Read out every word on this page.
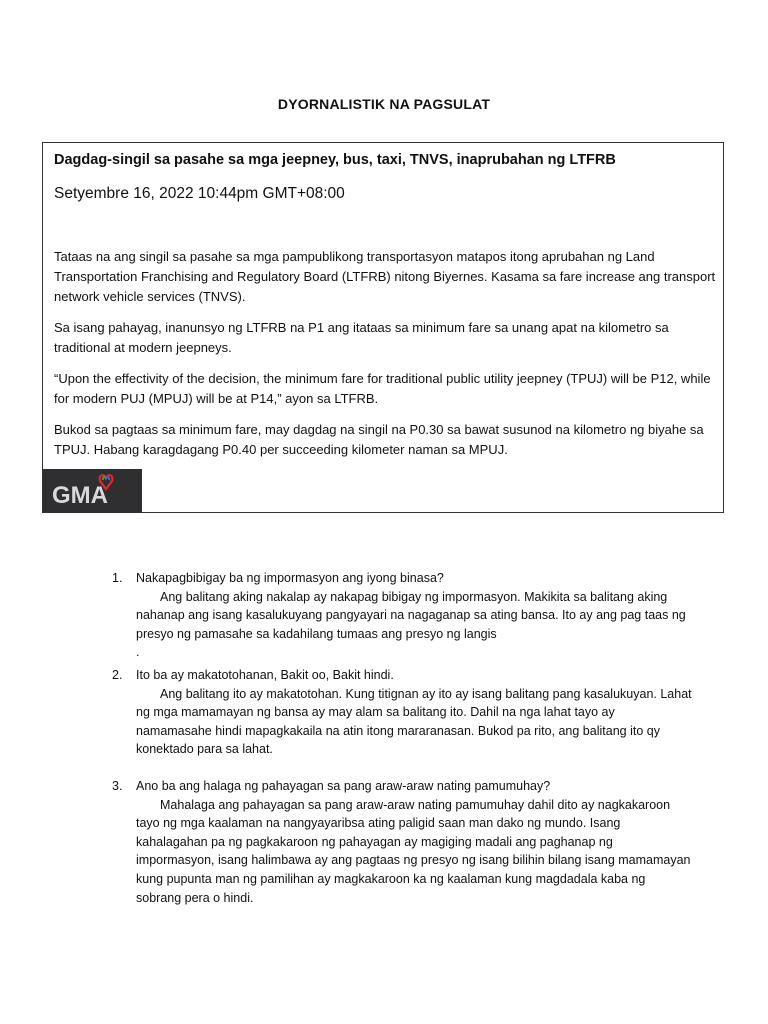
DYORNALISTIK NA PAGSULAT
Dagdag-singil sa pasahe sa mga jeepney, bus, taxi, TNVS, inaprubahan ng LTFRB
Setyembre 16, 2022 10:44pm GMT+08:00

Tataas na ang singil sa pasahe sa mga pampublikong transportasyon matapos itong aprubahan ng Land Transportation Franchising and Regulatory Board (LTFRB) nitong Biyernes. Kasama sa fare increase ang transport network vehicle services (TNVS).

Sa isang pahayag, inanunsyo ng LTFRB na P1 ang itataas sa minimum fare sa unang apat na kilometro sa traditional at modern jeepneys.

“Upon the effectivity of the decision, the minimum fare for traditional public utility jeepney (TPUJ) will be P12, while for modern PUJ (MPUJ) will be at P14,” ayon sa LTFRB.

Bukod sa pagtaas sa minimum fare, may dagdag na singil na P0.30 sa bawat susunod na kilometro ng biyahe sa TPUJ. Habang karagdagang P0.40 per succeeding kilometer naman sa MPUJ.

GMA
1. Nakapagbibigay ba ng impormasyon ang iyong binasa?
Ang balitang aking nakalap ay nakapag bibigay ng impormasyon. Makikita sa balitang aking nahanap ang isang kasalukuyang pangyayari na nagaganap sa ating bansa. Ito ay ang pag taas ng presyo ng pamasahe sa kadahilang tumaas ang presyo ng langis
.
2. Ito ba ay makatotohanan, Bakit oo, Bakit hindi.
Ang balitang ito ay makatotohan. Kung titignan ay ito ay isang balitang pang kasalukuyan. Lahat ng mga mamamayan ng bansa ay may alam sa balitang ito. Dahil na nga lahat tayo ay namamasahe hindi mapagkakaila na atin itong mararanasan. Bukod pa rito, ang balitang ito qy konektado para sa lahat.
3. Ano ba ang halaga ng pahayagan sa pang araw-araw nating pamumuhay?
Mahalaga ang pahayagan sa pang araw-araw nating pamumuhay dahil dito ay nagkakaroon tayo ng mga kaalaman na nangyayaribsa ating paligid saan man dako ng mundo. Isang kahalagahan pa ng pagkakaroon ng pahayagan ay magiging madali ang paghanap ng impormasyon, isang halimbawa ay ang pagtaas ng presyo ng isang bilihin bilang isang mamamayan kung pupunta man ng pamilihan ay magkakaroon ka ng kaalaman kung magdadala kaba ng sobrang pera o hindi.
